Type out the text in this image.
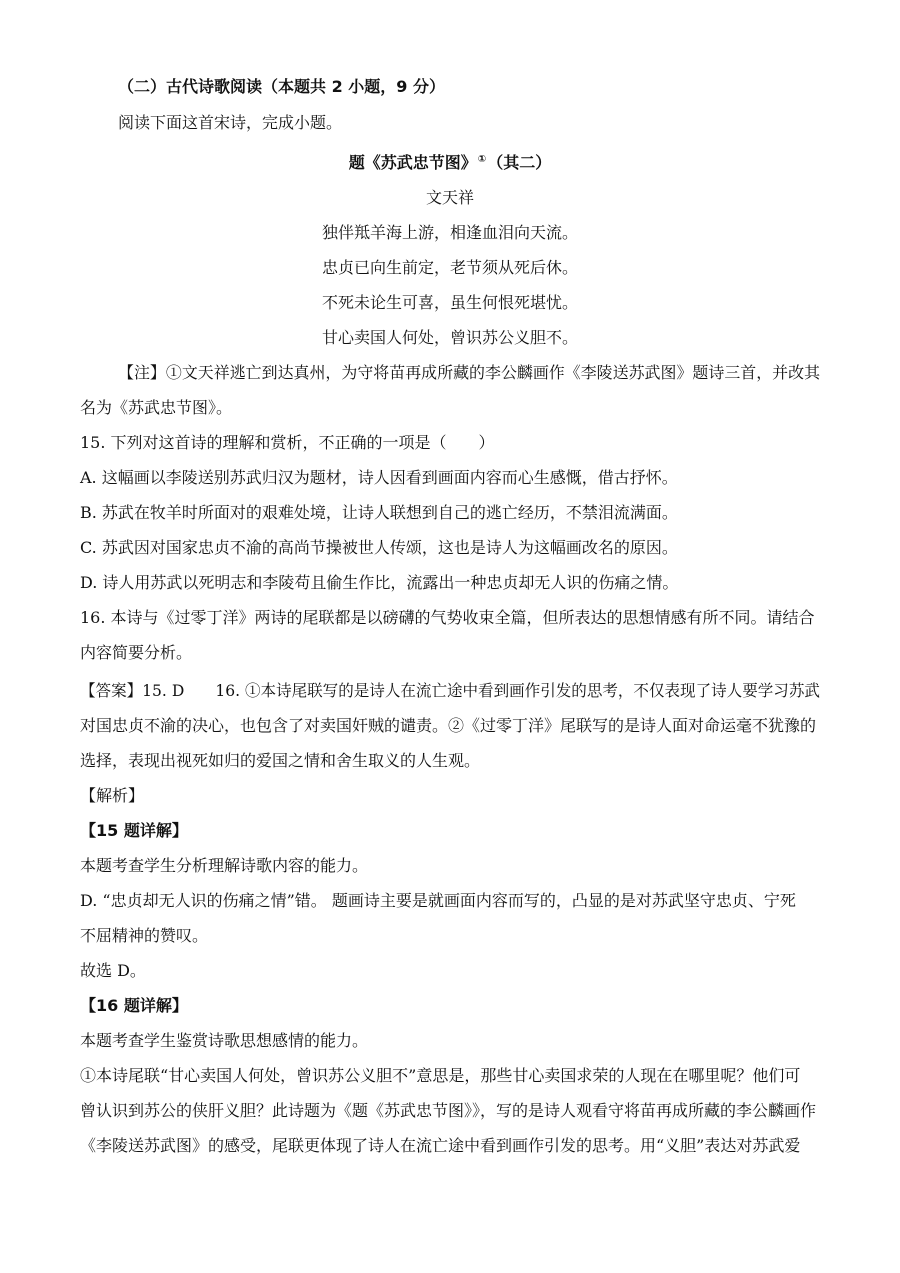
（二）古代诗歌阅读（本题共 2 小题，9 分）
阅读下面这首宋诗，完成小题。
题《苏武忠节图》①（其二）
文天祥
独伴羝羊海上游，相逢血泪向天流。
忠贞已向生前定，老节须从死后休。
不死未论生可喜，虽生何恨死堪忧。
甘心卖国人何处，曾识苏公义胆不。
【注】①文天祥逃亡到达真州，为守将苗再成所藏的李公麟画作《李陵送苏武图》题诗三首，并改其
名为《苏武忠节图》。
15. 下列对这首诗的理解和赏析，不正确的一项是（　　）
A. 这幅画以李陵送别苏武归汉为题材，诗人因看到画面内容而心生感慨，借古抒怀。
B. 苏武在牧羊时所面对的艰难处境，让诗人联想到自己的逃亡经历，不禁泪流满面。
C. 苏武因对国家忠贞不渝的高尚节操被世人传颂，这也是诗人为这幅画改名的原因。
D. 诗人用苏武以死明志和李陵苟且偷生作比，流露出一种忠贞却无人识的伤痛之情。
16. 本诗与《过零丁洋》两诗的尾联都是以磅礴的气势收束全篇，但所表达的思想情感有所不同。请结合
内容简要分析。
【答案】15. D　　16. ①本诗尾联写的是诗人在流亡途中看到画作引发的思考，不仅表现了诗人要学习苏武
对国忠贞不渝的决心，也包含了对卖国奸贼的谴责。②《过零丁洋》尾联写的是诗人面对命运毫不犹豫的
选择，表现出视死如归的爱国之情和舍生取义的人生观。
【解析】
【15 题详解】
本题考查学生分析理解诗歌内容的能力。
D. “忠贞却无人识的伤痛之情”错。 题画诗主要是就画面内容而写的，凸显的是对苏武坚守忠贞、宁死
不屈精神的赞叹。
故选 D。
【16 题详解】
本题考查学生鉴赏诗歌思想感情的能力。
①本诗尾联“甘心卖国人何处，曾识苏公义胆不”意思是，那些甘心卖国求荣的人现在在哪里呢？他们可
曾认识到苏公的侠肝义胆？此诗题为《题《苏武忠节图》》，写的是诗人观看守将苗再成所藏的李公麟画作
《李陵送苏武图》的感受，尾联更体现了诗人在流亡途中看到画作引发的思考。用“义胆”表达对苏武爱
